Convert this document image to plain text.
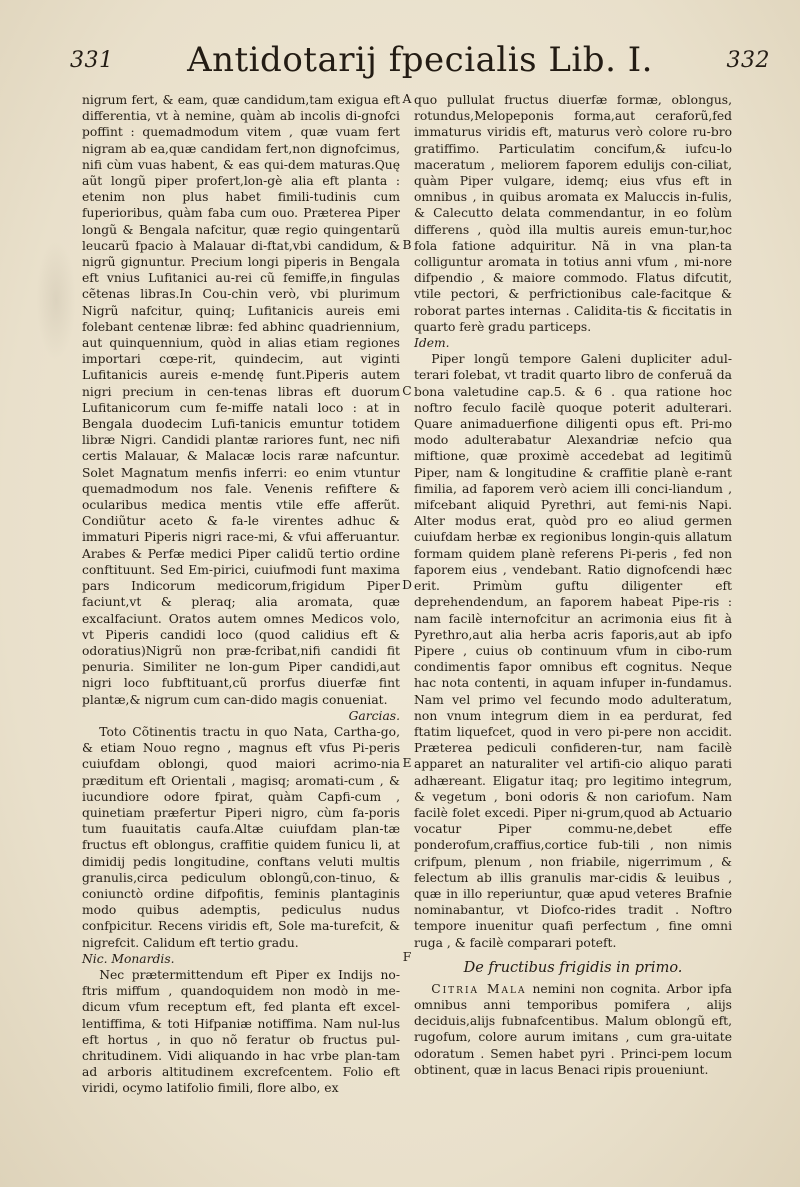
331	Antidotarij fpecialis Lib. I.	332
A
B
C
D
E
F

nigrum fert, & eam, quæ candidum,tam exigua eft differentia, vt à nemine, quàm ab incolis di-gnofci poffint : quemadmodum vitem , quæ vuam fert nigram ab ea,quæ candidam fert,non dignofcimus, nifi cùm vuas habent, & eas qui-dem maturas.Quę aũt longũ piper profert,lon-gè alia eft planta : etenim non plus habet fimili-tudinis cum fuperioribus, quàm faba cum ouo. Præterea Piper longũ & Bengala nafcitur, quæ regio quingentarũ leucarũ fpacio à Malauar di-ftat,vbi candidum, & nigrũ gignuntur. Precium longi piperis in Bengala eft vnius Lufitanici au-rei cũ femiffe,in fingulas cẽtenas libras.In Cou-chin verò, vbi plurimum Nigrũ nafcitur, quinq; Lufitanicis aureis emi folebant centenæ libræ: fed abhinc quadriennium, aut quinquennium, quòd in alias etiam regiones importari cœpe-rit, quindecim, aut viginti Lufitanicis aureis e-mendę funt.Piperis autem nigri precium in cen-tenas libras eft duorum Lufitanicorum cum fe-miffe natali loco : at in Bengala duodecim Lufi-tanicis emuntur totidem libræ Nigri. Candidi plantæ rariores funt, nec nifi certis Malauar, & Malacæ locis raræ nafcuntur. Solet Magnatum menfis inferri: eo enim vtuntur quemadmodum nos fale. Venenis refiftere & ocularibus medica mentis vtile effe afferũt. Condiũtur aceto & fa-le virentes adhuc & immaturi Piperis nigri race-mi, & vfui afferuantur. Arabes & Perfæ medici Piper calidũ tertio ordine conftituunt. Sed Em-pirici, cuiufmodi funt maxima pars Indicorum medicorum,frigidum Piper faciunt,vt & pleraq; alia aromata, quæ excalfaciunt. Oratos autem omnes Medicos volo, vt Piperis candidi loco (quod calidius eft & odoratius)Nigrũ non præ-fcribat,nifi candidi fit penuria. Similiter ne lon-gum Piper candidi,aut nigri loco fubftituant,cũ prorfus diuerfæ fint plantæ,& nigrum cum can-dido magis conueniat.

Garcias.

Toto Cõtinentis tractu in quo Nata, Cartha-go, & etiam Nouo regno , magnus eft vfus Pi-peris cuiufdam oblongi, quod maiori acrimo-nia præditum eft Orientali , magisq; aromati-cum , & iucundiore odore fpirat, quàm Capfi-cum , quinetiam præfertur Piperi nigro, cùm fa-poris tum fuauitatis caufa.Altæ cuiufdam plan-tæ fructus eft oblongus, craffitie quidem funicu li, at dimidij pedis longitudine, conftans veluti multis granulis,circa pediculum oblongũ,con-tinuo, & coniunctò ordine difpofitis, feminis plantaginis modo quibus ademptis, pediculus nudus confpicitur. Recens viridis eft, Sole ma-turefcit, & nigrefcit. Calidum eft tertio gradu.

Nic. Monardis.

Nec prætermittendum eft Piper ex Indijs no-ftris miffum , quandoquidem non modò in me-dicum vfum receptum eft, fed planta eft excel-lentiffima, & toti Hifpaniæ notiffima. Nam nul-lus eft hortus , in quo nõ feratur ob fructus pul-chritudinem. Vidi aliquando in hac vrbe plan-tam ad arboris altitudinem excrefcentem. Folio eft viridi, ocymo latifolio fimili, flore albo, ex

quo pullulat fructus diuerfæ formæ, oblongus, rotundus,Melopeponis forma,aut ceraforũ,fed immaturus viridis eft, maturus verò colore ru-bro gratiffimo. Particulatim concifum,& iufcu-lo maceratum , meliorem faporem edulijs con-ciliat, quàm Piper vulgare, idemq; eius vfus eft in omnibus , in quibus aromata ex Maluccis in-fulis, & Calecutto delata commendantur, in eo folùm differens , quòd illa multis aureis emun-tur,hoc fola fatione adquiritur. Nã in vna plan-ta colliguntur aromata in totius anni vfum , mi-nore difpendio , & maiore commodo. Flatus difcutit, vtile pectori, & perfrictionibus cale-facitque & roborat partes internas . Calidita-tis & ficcitatis in quarto ferè gradu particeps.

Idem.

Piper longũ tempore Galeni dupliciter adul-terari folebat, vt tradit quarto libro de conferuã da bona valetudine cap.5. & 6 . qua ratione hoc noftro feculo facilè quoque poterit adulterari. Quare animaduerfione diligenti opus eft. Pri-mo modo adulterabatur Alexandriæ nefcio qua miftione, quæ proximè accedebat ad legitimũ Piper, nam & longitudine & craffitie planè e-rant fimilia, ad faporem verò aciem illi conci-liandum , mifcebant aliquid Pyrethri, aut femi-nis Napi. Alter modus erat, quòd pro eo aliud germen cuiufdam herbæ ex regionibus longin-quis allatum formam quidem planè referens Pi-peris , fed non faporem eius , vendebant. Ratio dignofcendi hæc erit. Primùm guftu diligenter eft deprehendendum, an faporem habeat Pipe-ris : nam facilè internofcitur an acrimonia eius fit à Pyrethro,aut alia herba acris faporis,aut ab ipfo Pipere , cuius ob continuum vfum in cibo-rum condimentis fapor omnibus eft cognitus. Neque hac nota contenti, in aquam infuper in-fundamus. Nam vel primo vel fecundo modo adulteratum, non vnum integrum diem in ea perdurat, fed ftatim liquefcet, quod in vero pi-pere non accidit. Præterea pediculi confideren-tur, nam facilè apparet an naturaliter vel artifi-cio aliquo parati adhæreant. Eligatur itaq; pro legitimo integrum, & vegetum , boni odoris & non cariofum. Nam facilè folet excedi. Piper ni-grum,quod ab Actuario vocatur Piper commu-ne,debet effe ponderofum,craffius,cortice fub-tili , non nimis crifpum, plenum , non friabile, nigerrimum , & felectum ab illis granulis mar-cidis & leuibus , quæ in illo reperiuntur, quæ apud veteres Brafnie nominabantur, vt Diofco-rides tradit . Noftro tempore inuenitur quafi perfectum , fine omni ruga , & facilè comparari poteft.

De fructibus frigidis in primo.

Citria Mala nemini non cognita. Arbor ipfa omnibus anni temporibus pomifera , alijs deciduis,alijs fubnafcentibus. Malum oblongũ eft, rugofum, colore aurum imitans , cum gra-uitate odoratum . Semen habet pyri . Princi-pem locum obtinent, quæ in lacus Benaci ripis prouenіunt.
